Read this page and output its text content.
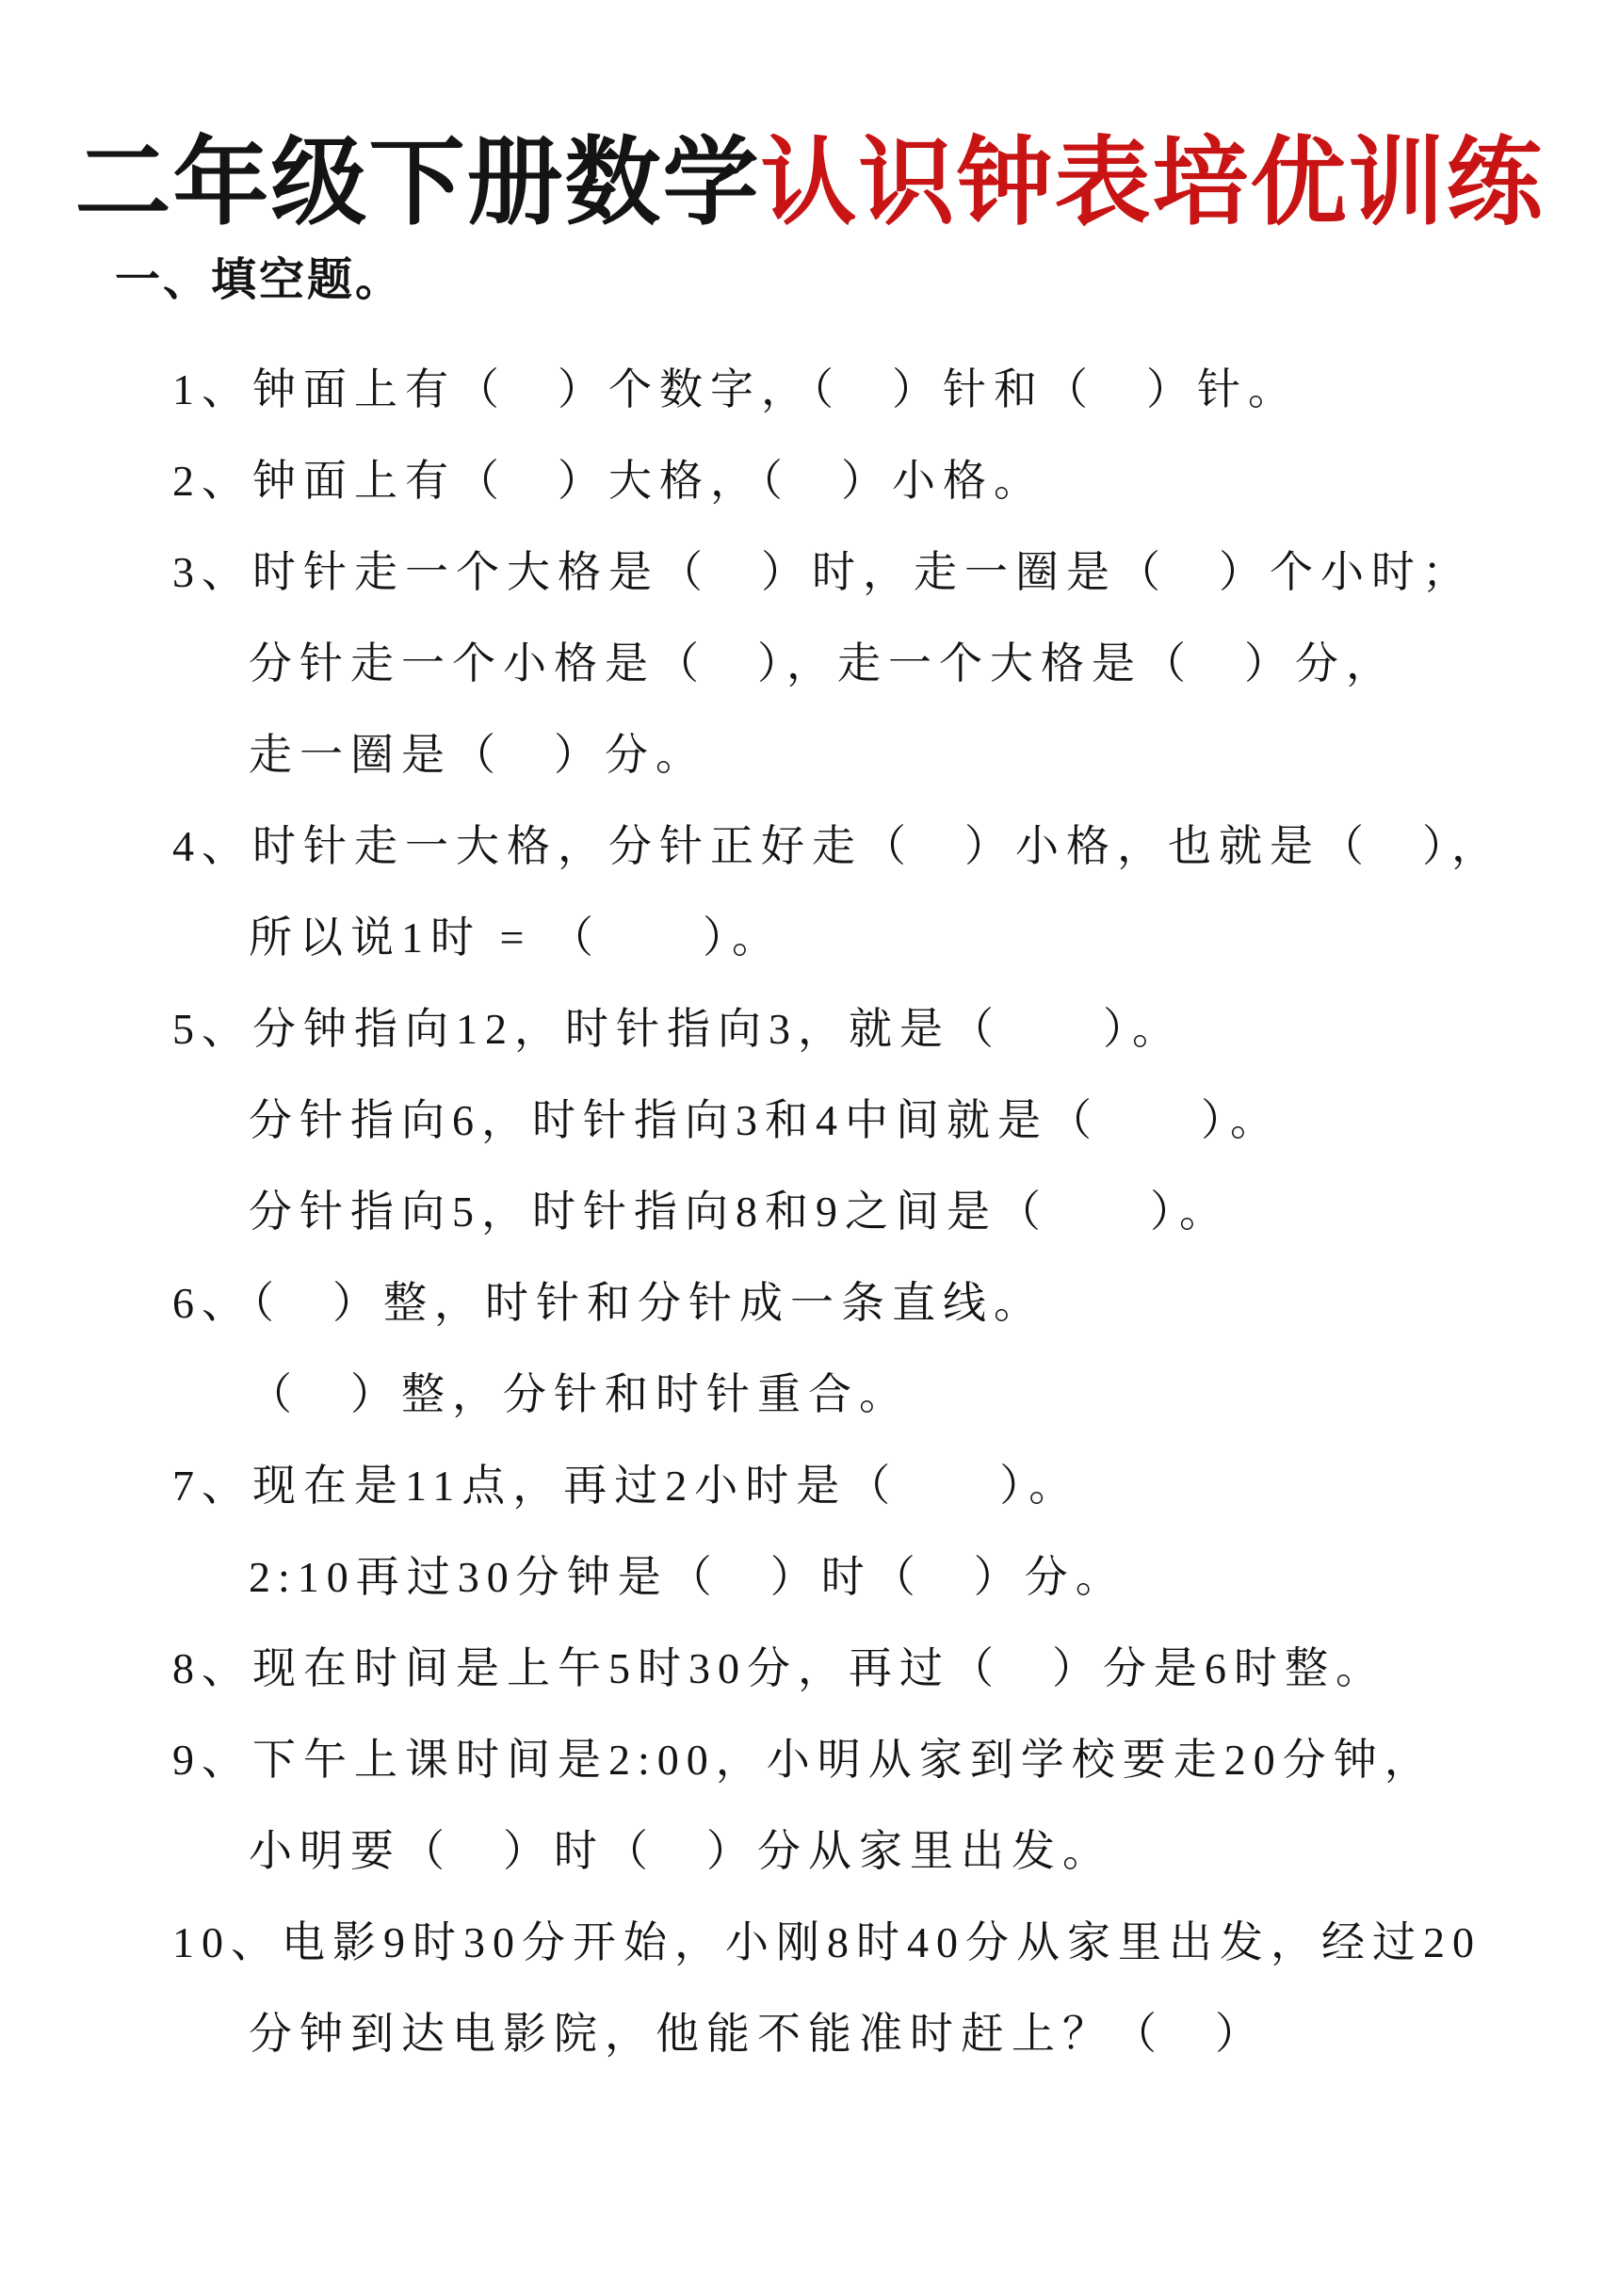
二年级下册数学认识钟表培优训练
一、填空题。
1、钟面上有（　）个数字，（　）针和（　）针。
2、钟面上有（　）大格，（　）小格。
3、时针走一个大格是（　）时，走一圈是（　）个小时；
分针走一个小格是（　），走一个大格是（　）分，
走一圈是（　）分。
4、时针走一大格，分针正好走（　）小格，也就是（　），
所以说1时 = （　　）。
5、分钟指向12，时针指向3，就是（　　）。
分针指向6，时针指向3和4中间就是（　　）。
分针指向5，时针指向8和9之间是（　　）。
6、（　）整，时针和分针成一条直线。
（　）整，分针和时针重合。
7、现在是11点，再过2小时是（　　）。
2:10再过30分钟是（　）时（　）分。
8、现在时间是上午5时30分，再过（　）分是6时整。
9、下午上课时间是2:00，小明从家到学校要走20分钟，
小明要（　）时（　）分从家里出发。
10、电影9时30分开始，小刚8时40分从家里出发，经过20
分钟到达电影院，他能不能准时赶上？（　）
